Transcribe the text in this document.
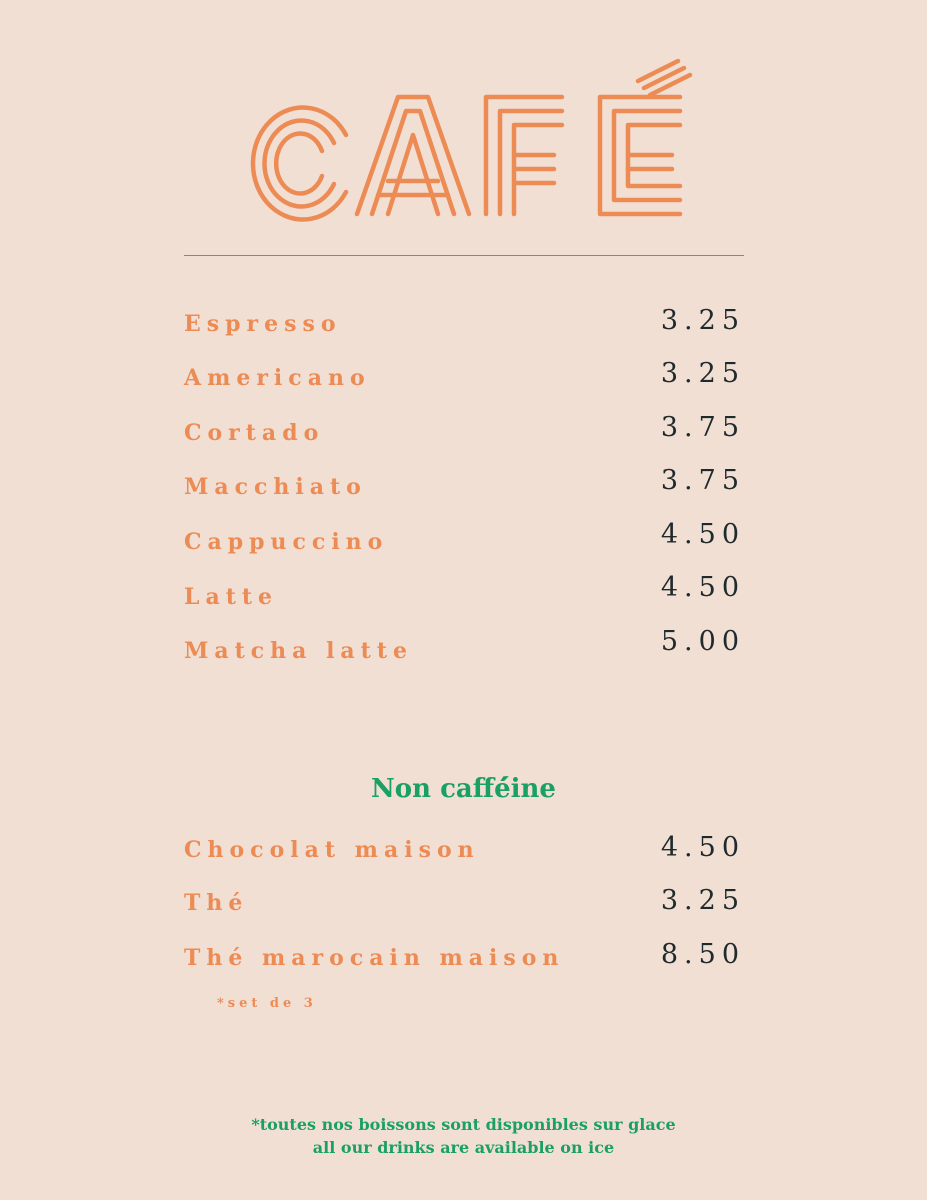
Espresso	3.25
Americano	3.25
Cortado	3.75
Macchiato	3.75
Cappuccino	4.50
Latte	4.50
Matcha latte	5.00
Non caffé́ine
Chocolat maison	4.50
Thé	3.25
Thé marocain maison	8.50
*set de 3
*toutes nos boissons sont disponibles sur glace
all our drinks are available on ice
